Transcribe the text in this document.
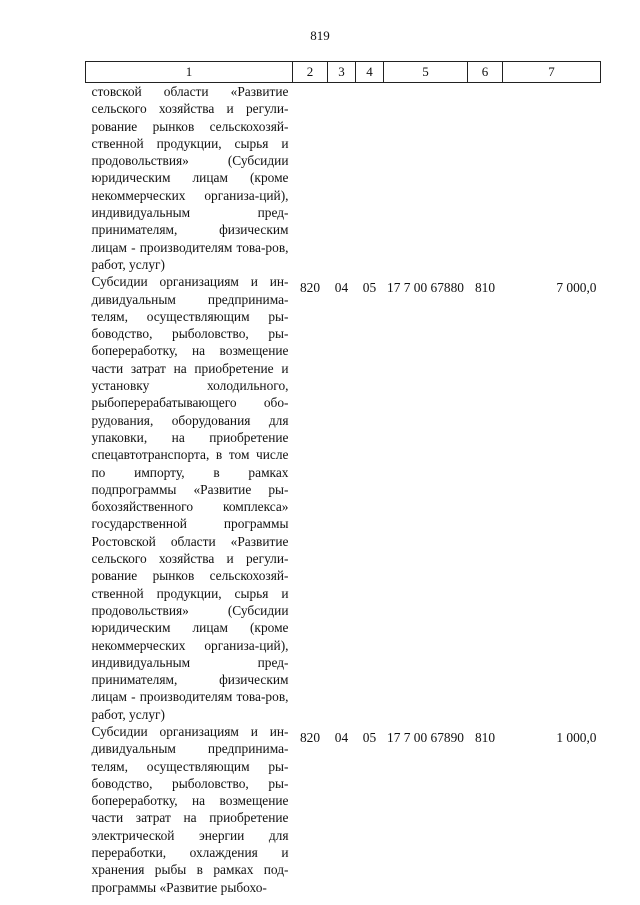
819
1	2	3	4	5	6	7
стовской области «Развитие сельского хозяйства и регули-рование рынков сельскохозяй-ственной продукции, сырья и продовольствия» (Субсидии юридическим лицам (кроме некоммерческих организа-ций), индивидуальным пред-принимателям, физическим лицам - производителям това-ров, работ, услуг)						
Субсидии организациям и ин-дивидуальным предпринима-телям, осуществляющим ры-боводство, рыболовство, ры-бопереработку, на возмещение части затрат на приобретение и установку холодильного, рыбоперерабатывающего обо-рудования, оборудования для упаковки, на приобретение спецавтотранспорта, в том числе по импорту, в рамках подпрограммы «Развитие ры-бохозяйственного комплекса» государственной программы Ростовской области «Развитие сельского хозяйства и регули-рование рынков сельскохозяй-ственной продукции, сырья и продовольствия» (Субсидии юридическим лицам (кроме некоммерческих организа-ций), индивидуальным пред-принимателям, физическим лицам - производителям това-ров, работ, услуг)	820	04	05	17 7 00 67880	810	7 000,0
Субсидии организациям и ин-дивидуальным предпринима-телям, осуществляющим ры-боводство, рыболовство, ры-бопереработку, на возмещение части затрат на приобретение электрической энергии для переработки, охлаждения и хранения рыбы в рамках под-программы «Развитие рыбохо-	820	04	05	17 7 00 67890	810	1 000,0
